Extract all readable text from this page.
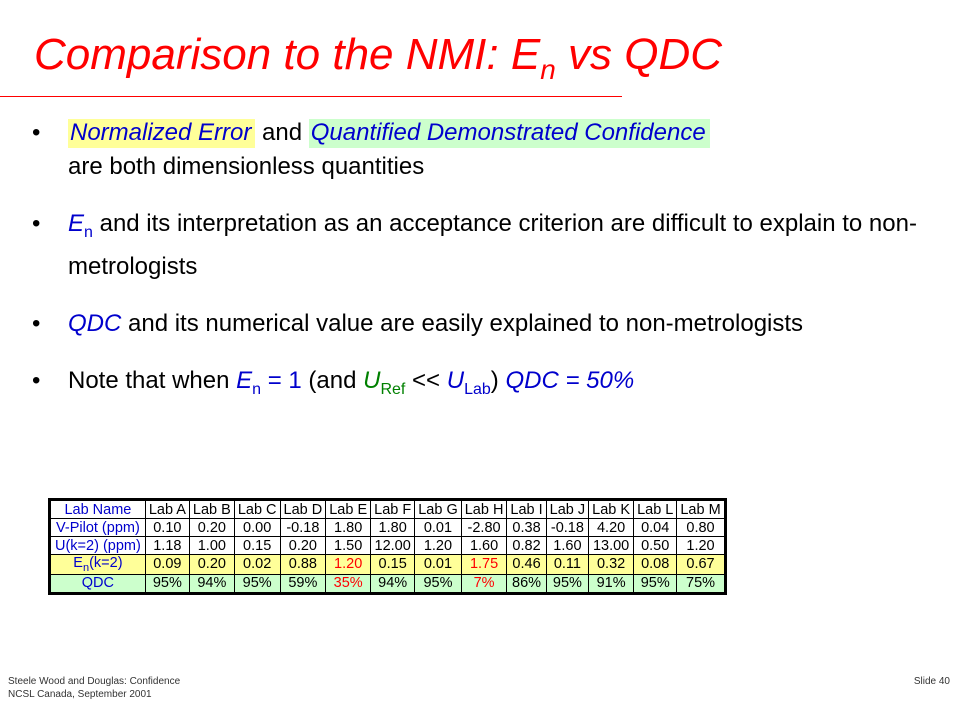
Comparison to the NMI: $E_n$ vs QDC
• Normalized Error and Quantified Demonstrated Confidence
are both dimensionless quantities
• $E_n$ and its interpretation as an acceptance criterion are difficult to explain to non-metrologists
• QDC and its numerical value are easily explained to non-metrologists
• Note that when $E_n = 1$ (and $U_{Ref} << U_{Lab}$) QDC = 50%
Lab Name	Lab A	Lab B	Lab C	Lab D	Lab E	Lab F	Lab G	Lab H	Lab I	Lab J	Lab K	Lab L	Lab M
V-Pilot (ppm)	0.10	0.20	0.00	-0.18	1.80	1.80	0.01	-2.80	0.38	-0.18	4.20	0.04	0.80
U(k=2) (ppm)	1.18	1.00	0.15	0.20	1.50	12.00	1.20	1.60	0.82	1.60	13.00	0.50	1.20
$E_n(k=2)$	0.09	0.20	0.02	0.88	1.20	0.15	0.01	1.75	0.46	0.11	0.32	0.08	0.67
QDC	95%	94%	95%	59%	35%	94%	95%	7%	86%	95%	91%	95%	75%
Steele Wood and Douglas: Confidence
NCSL Canada, September 2001
Slide 40
